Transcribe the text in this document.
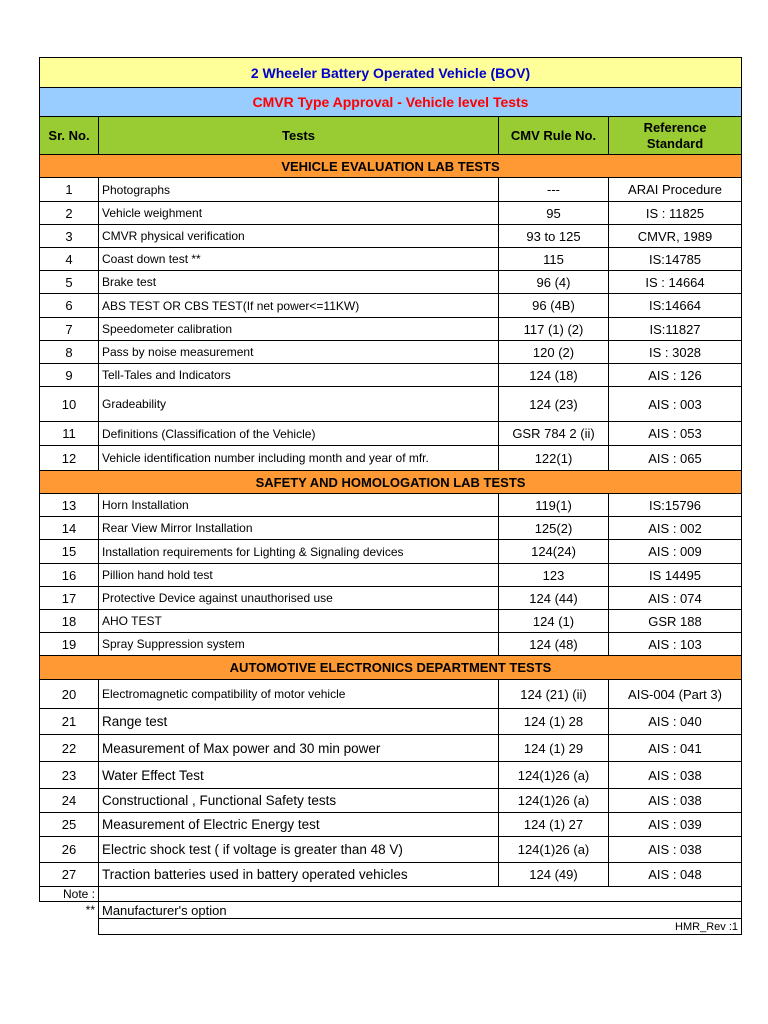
2 Wheeler Battery Operated Vehicle (BOV)			
CMVR Type Approval - Vehicle level Tests			
Sr. No.	Tests	CMV Rule No.	Reference
Standard

VEHICLE EVALUATION LAB TESTS			
1	Photographs	---	ARAI Procedure
2	Vehicle weighment	95	IS : 11825
3	CMVR physical verification	93 to 125	CMVR, 1989
4	Coast down test **	115	IS:14785
5	Brake test	96 (4)	IS : 14664
6	ABS TEST OR CBS TEST(If net power<=11KW)	96 (4B)	IS:14664
7	Speedometer calibration	117 (1) (2)	IS:11827
8	Pass by noise measurement	120 (2)	IS : 3028
9	Tell-Tales and Indicators	124 (18)	AIS : 126
10	Gradeability	124 (23)	AIS : 003
11	Definitions (Classification of the Vehicle)	GSR 784 2 (ii)	AIS : 053
12	Vehicle identification number including month and year of mfr.	122(1)	AIS : 065
SAFETY AND HOMOLOGATION LAB TESTS			
13	Horn Installation	119(1)	IS:15796
14	Rear View Mirror Installation	125(2)	AIS : 002
15	Installation requirements for Lighting & Signaling devices	124(24)	AIS : 009
16	Pillion hand hold test	123	IS 14495
17	Protective Device against unauthorised use	124 (44)	AIS : 074
18	AHO TEST	124 (1)	GSR 188
19	Spray Suppression system	124 (48)	AIS : 103
AUTOMOTIVE ELECTRONICS DEPARTMENT TESTS			
20	Electromagnetic compatibility of motor vehicle	124 (21) (ii)	AIS-004 (Part 3)
21	Range test	124 (1) 28	AIS : 040
22	Measurement of Max power and 30 min power	124 (1) 29	AIS : 041
23	Water Effect Test	124(1)26 (a)	AIS : 038
24	Constructional , Functional Safety tests	124(1)26 (a)	AIS : 038
25	Measurement of Electric Energy test	124 (1) 27	AIS : 039
26	Electric shock test ( if voltage is greater than 48 V)	124(1)26 (a)	AIS : 038
27	Traction batteries used in battery operated vehicles	124 (49)	AIS : 048
Note :			
**	Manufacturer's option		
	HMR_Rev :1		
